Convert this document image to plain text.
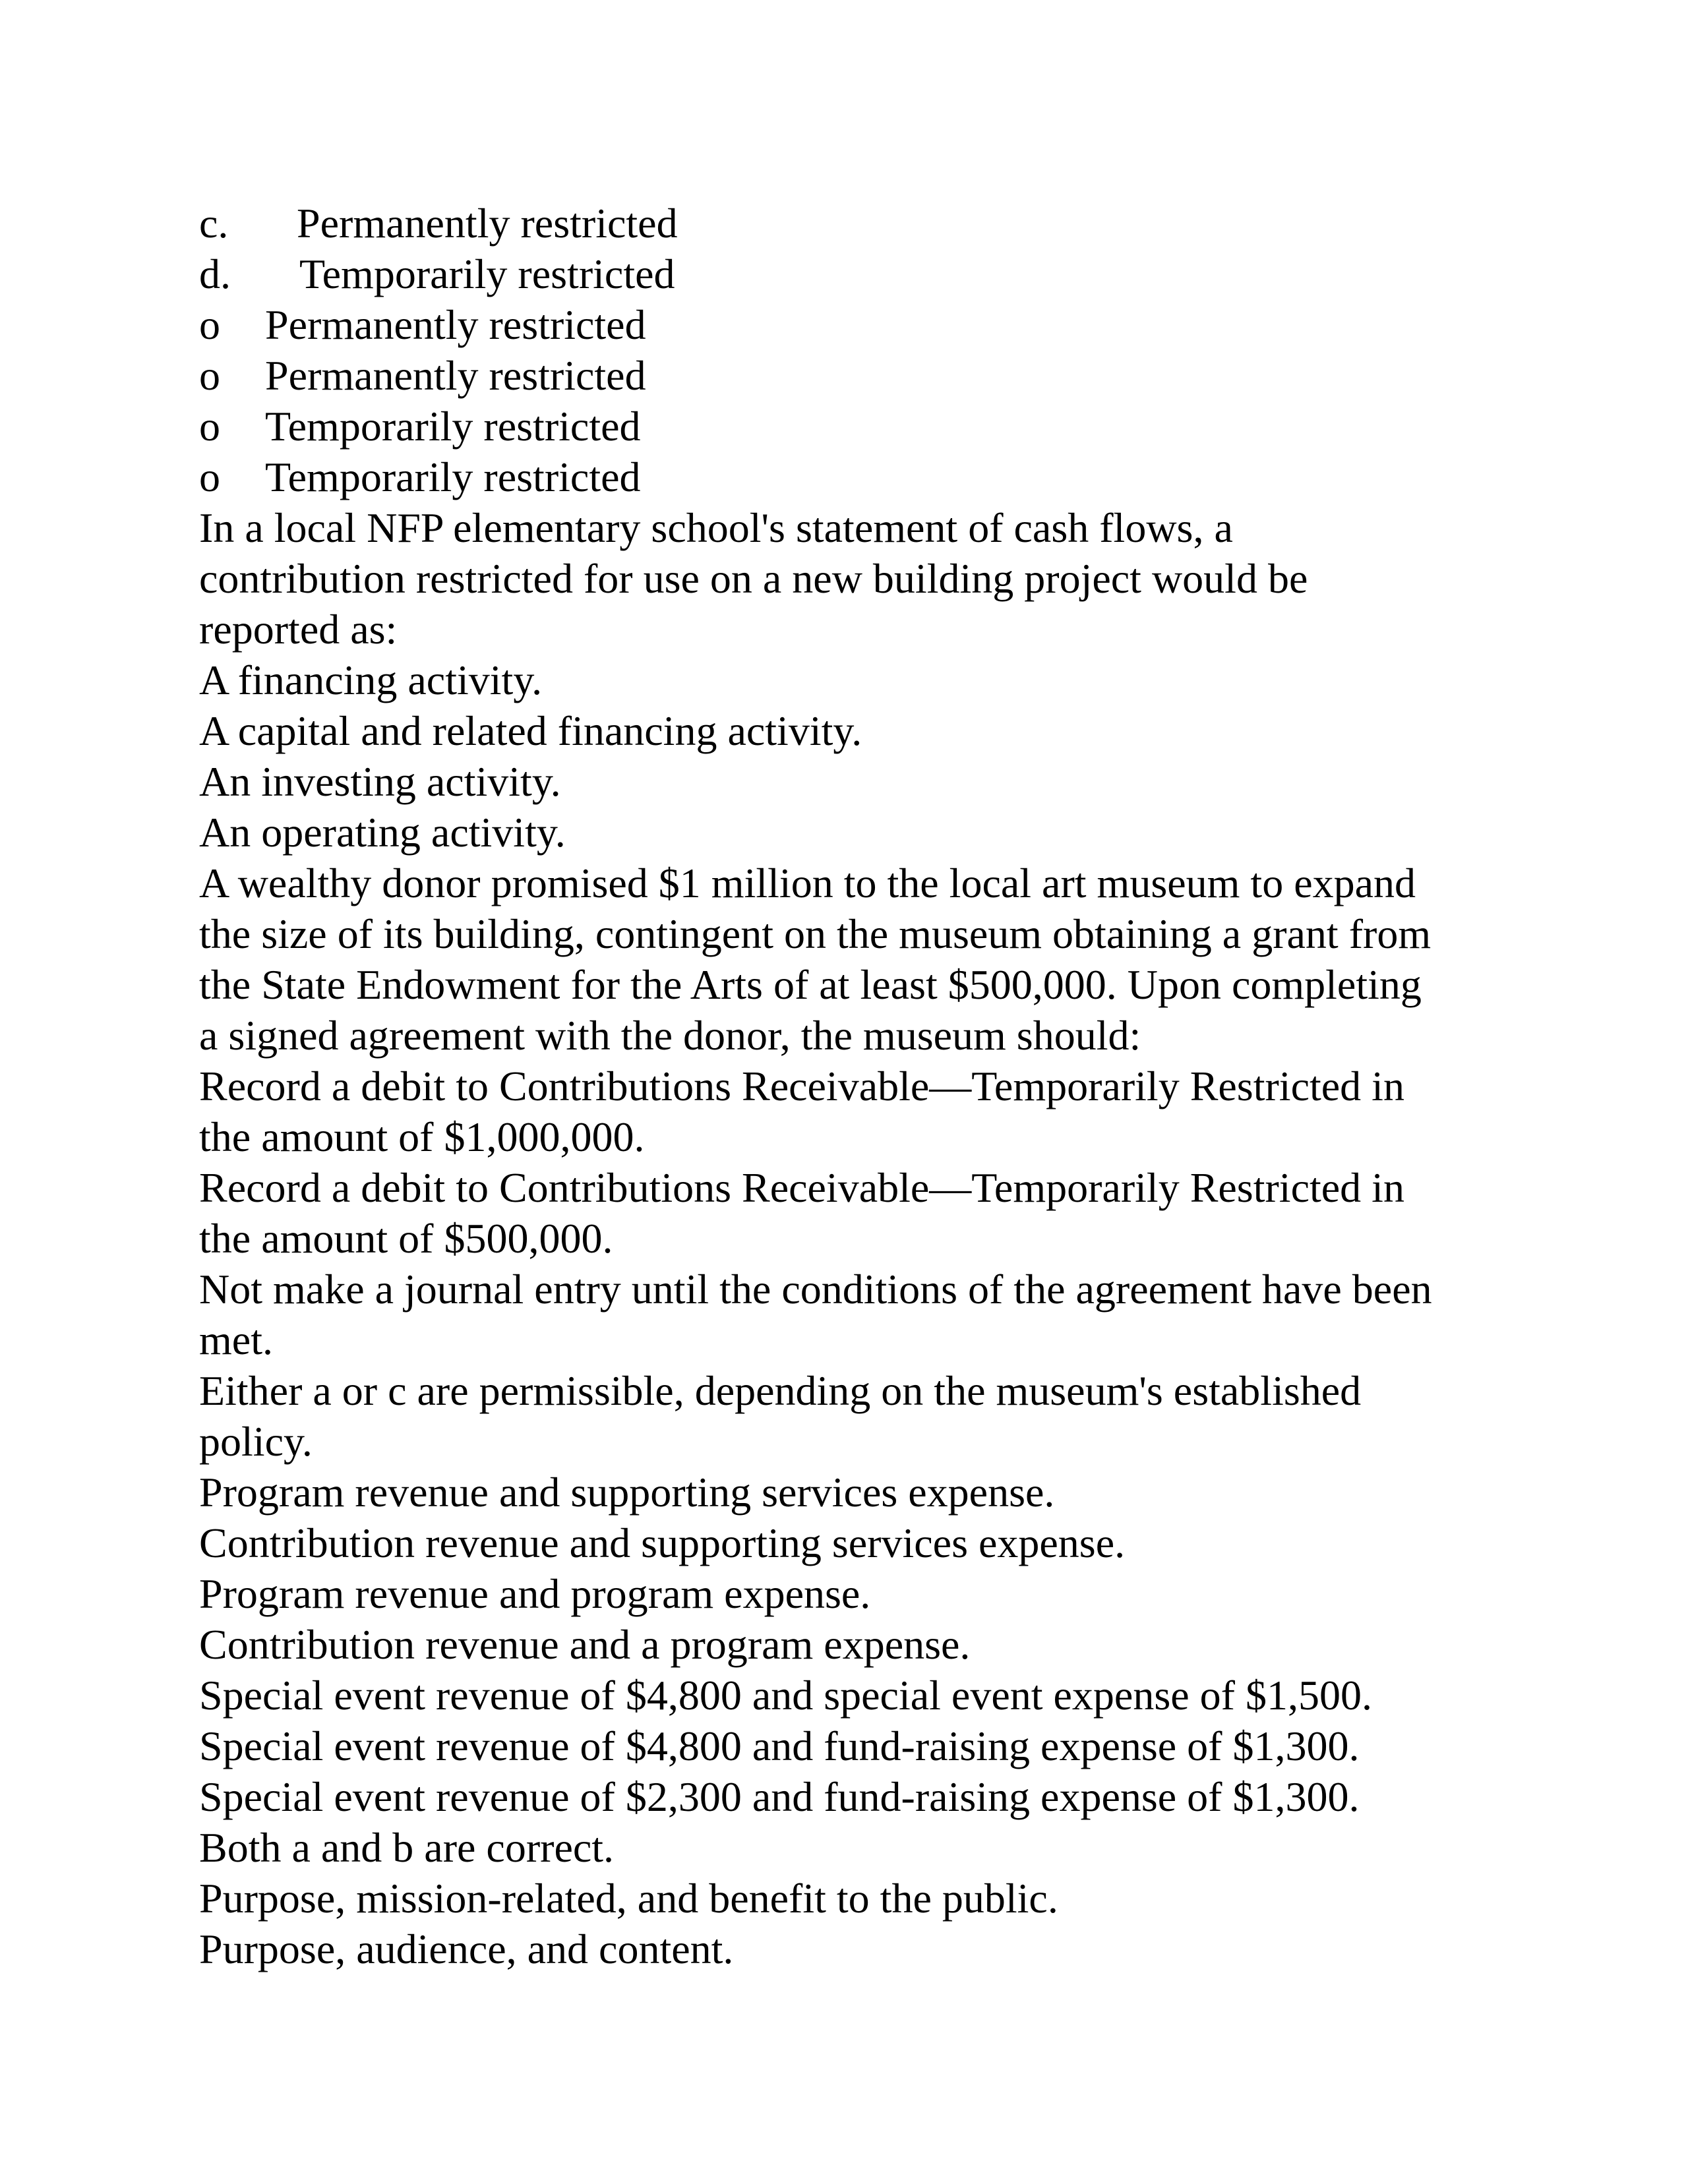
c.	Permanently restricted
d.	Temporarily restricted
o	Permanently restricted
o	Permanently restricted
o	Temporarily restricted
o	Temporarily restricted
In a local NFP elementary school's statement of cash flows, a
contribution restricted for use on a new building project would be
reported as:
A financing activity.
A capital and related financing activity.
An investing activity.
An operating activity.
A wealthy donor promised $1 million to the local art museum to expand
the size of its building, contingent on the museum obtaining a grant from
the State Endowment for the Arts of at least $500,000. Upon completing
a signed agreement with the donor, the museum should:
Record a debit to Contributions Receivable—Temporarily Restricted in
the amount of $1,000,000.
Record a debit to Contributions Receivable—Temporarily Restricted in
the amount of $500,000.
Not make a journal entry until the conditions of the agreement have been
met.
Either a or c are permissible, depending on the museum's established
policy.
Program revenue and supporting services expense.
Contribution revenue and supporting services expense.
Program revenue and program expense.
Contribution revenue and a program expense.
Special event revenue of $4,800 and special event expense of $1,500.
Special event revenue of $4,800 and fund-raising expense of $1,300.
Special event revenue of $2,300 and fund-raising expense of $1,300.
Both a and b are correct.
Purpose, mission-related, and benefit to the public.
Purpose, audience, and content.
